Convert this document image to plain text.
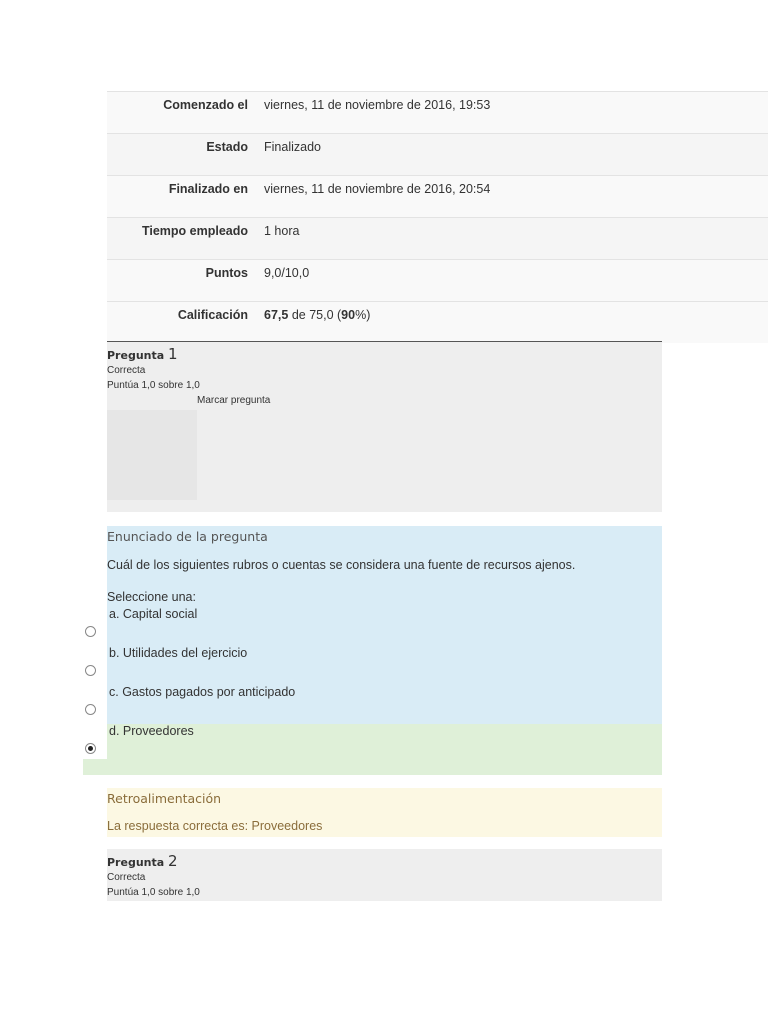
Comenzado el	viernes, 11 de noviembre de 2016, 19:53
Estado	Finalizado
Finalizado en	viernes, 11 de noviembre de 2016, 20:54
Tiempo empleado	1 hora
Puntos	9,0/10,0
Calificación	67,5 de 75,0 (90%)
Pregunta 1
Correcta
Puntúa 1,0 sobre 1,0
Marcar pregunta
Enunciado de la pregunta
Cuál de los siguientes rubros o cuentas se considera una fuente de recursos ajenos.
Seleccione una:
a. Capital social
b. Utilidades del ejercicio
c. Gastos pagados por anticipado
d. Proveedores
Retroalimentación
La respuesta correcta es: Proveedores
Pregunta 2
Correcta
Puntúa 1,0 sobre 1,0
